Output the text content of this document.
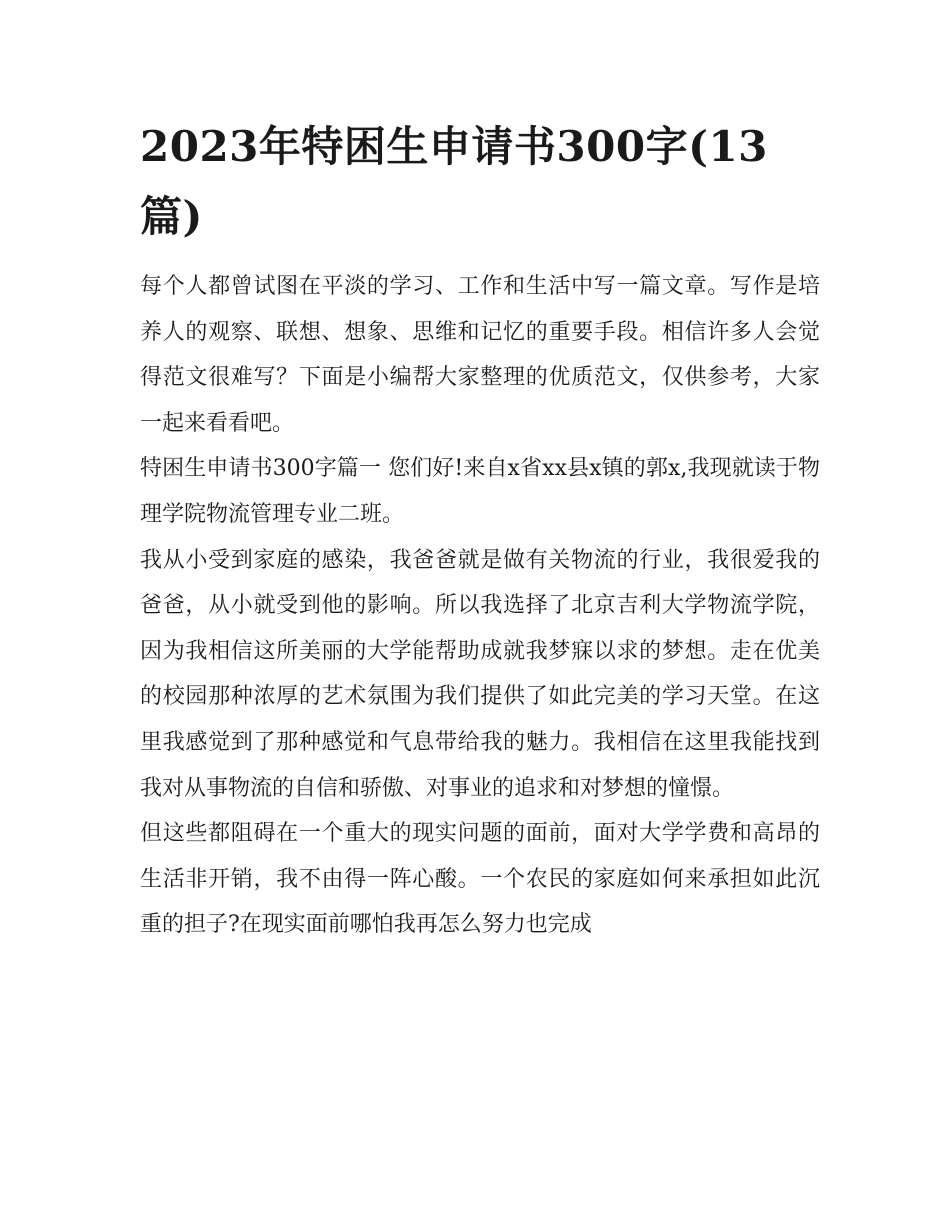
2023年特困生申请书300字(13篇)

每个人都曾试图在平淡的学习、工作和生活中写一篇文章。写作是培养人的观察、联想、想象、思维和记忆的重要手段。相信许多人会觉得范文很难写？下面是小编帮大家整理的优质范文，仅供参考，大家一起来看看吧。

特困生申请书300字篇一 您们好!来自x省xx县x镇的郭x,我现就读于物理学院物流管理专业二班。

我从小受到家庭的感染，我爸爸就是做有关物流的行业，我很爱我的爸爸，从小就受到他的影响。所以我选择了北京吉利大学物流学院，因为我相信这所美丽的大学能帮助成就我梦寐以求的梦想。走在优美的校园那种浓厚的艺术氛围为我们提供了如此完美的学习天堂。在这里我感觉到了那种感觉和气息带给我的魅力。我相信在这里我能找到我对从事物流的自信和骄傲、对事业的追求和对梦想的憧憬。

但这些都阻碍在一个重大的现实问题的面前，面对大学学费和高昂的生活非开销，我不由得一阵心酸。一个农民的家庭如何来承担如此沉重的担子?在现实面前哪怕我再怎么努力也完成
